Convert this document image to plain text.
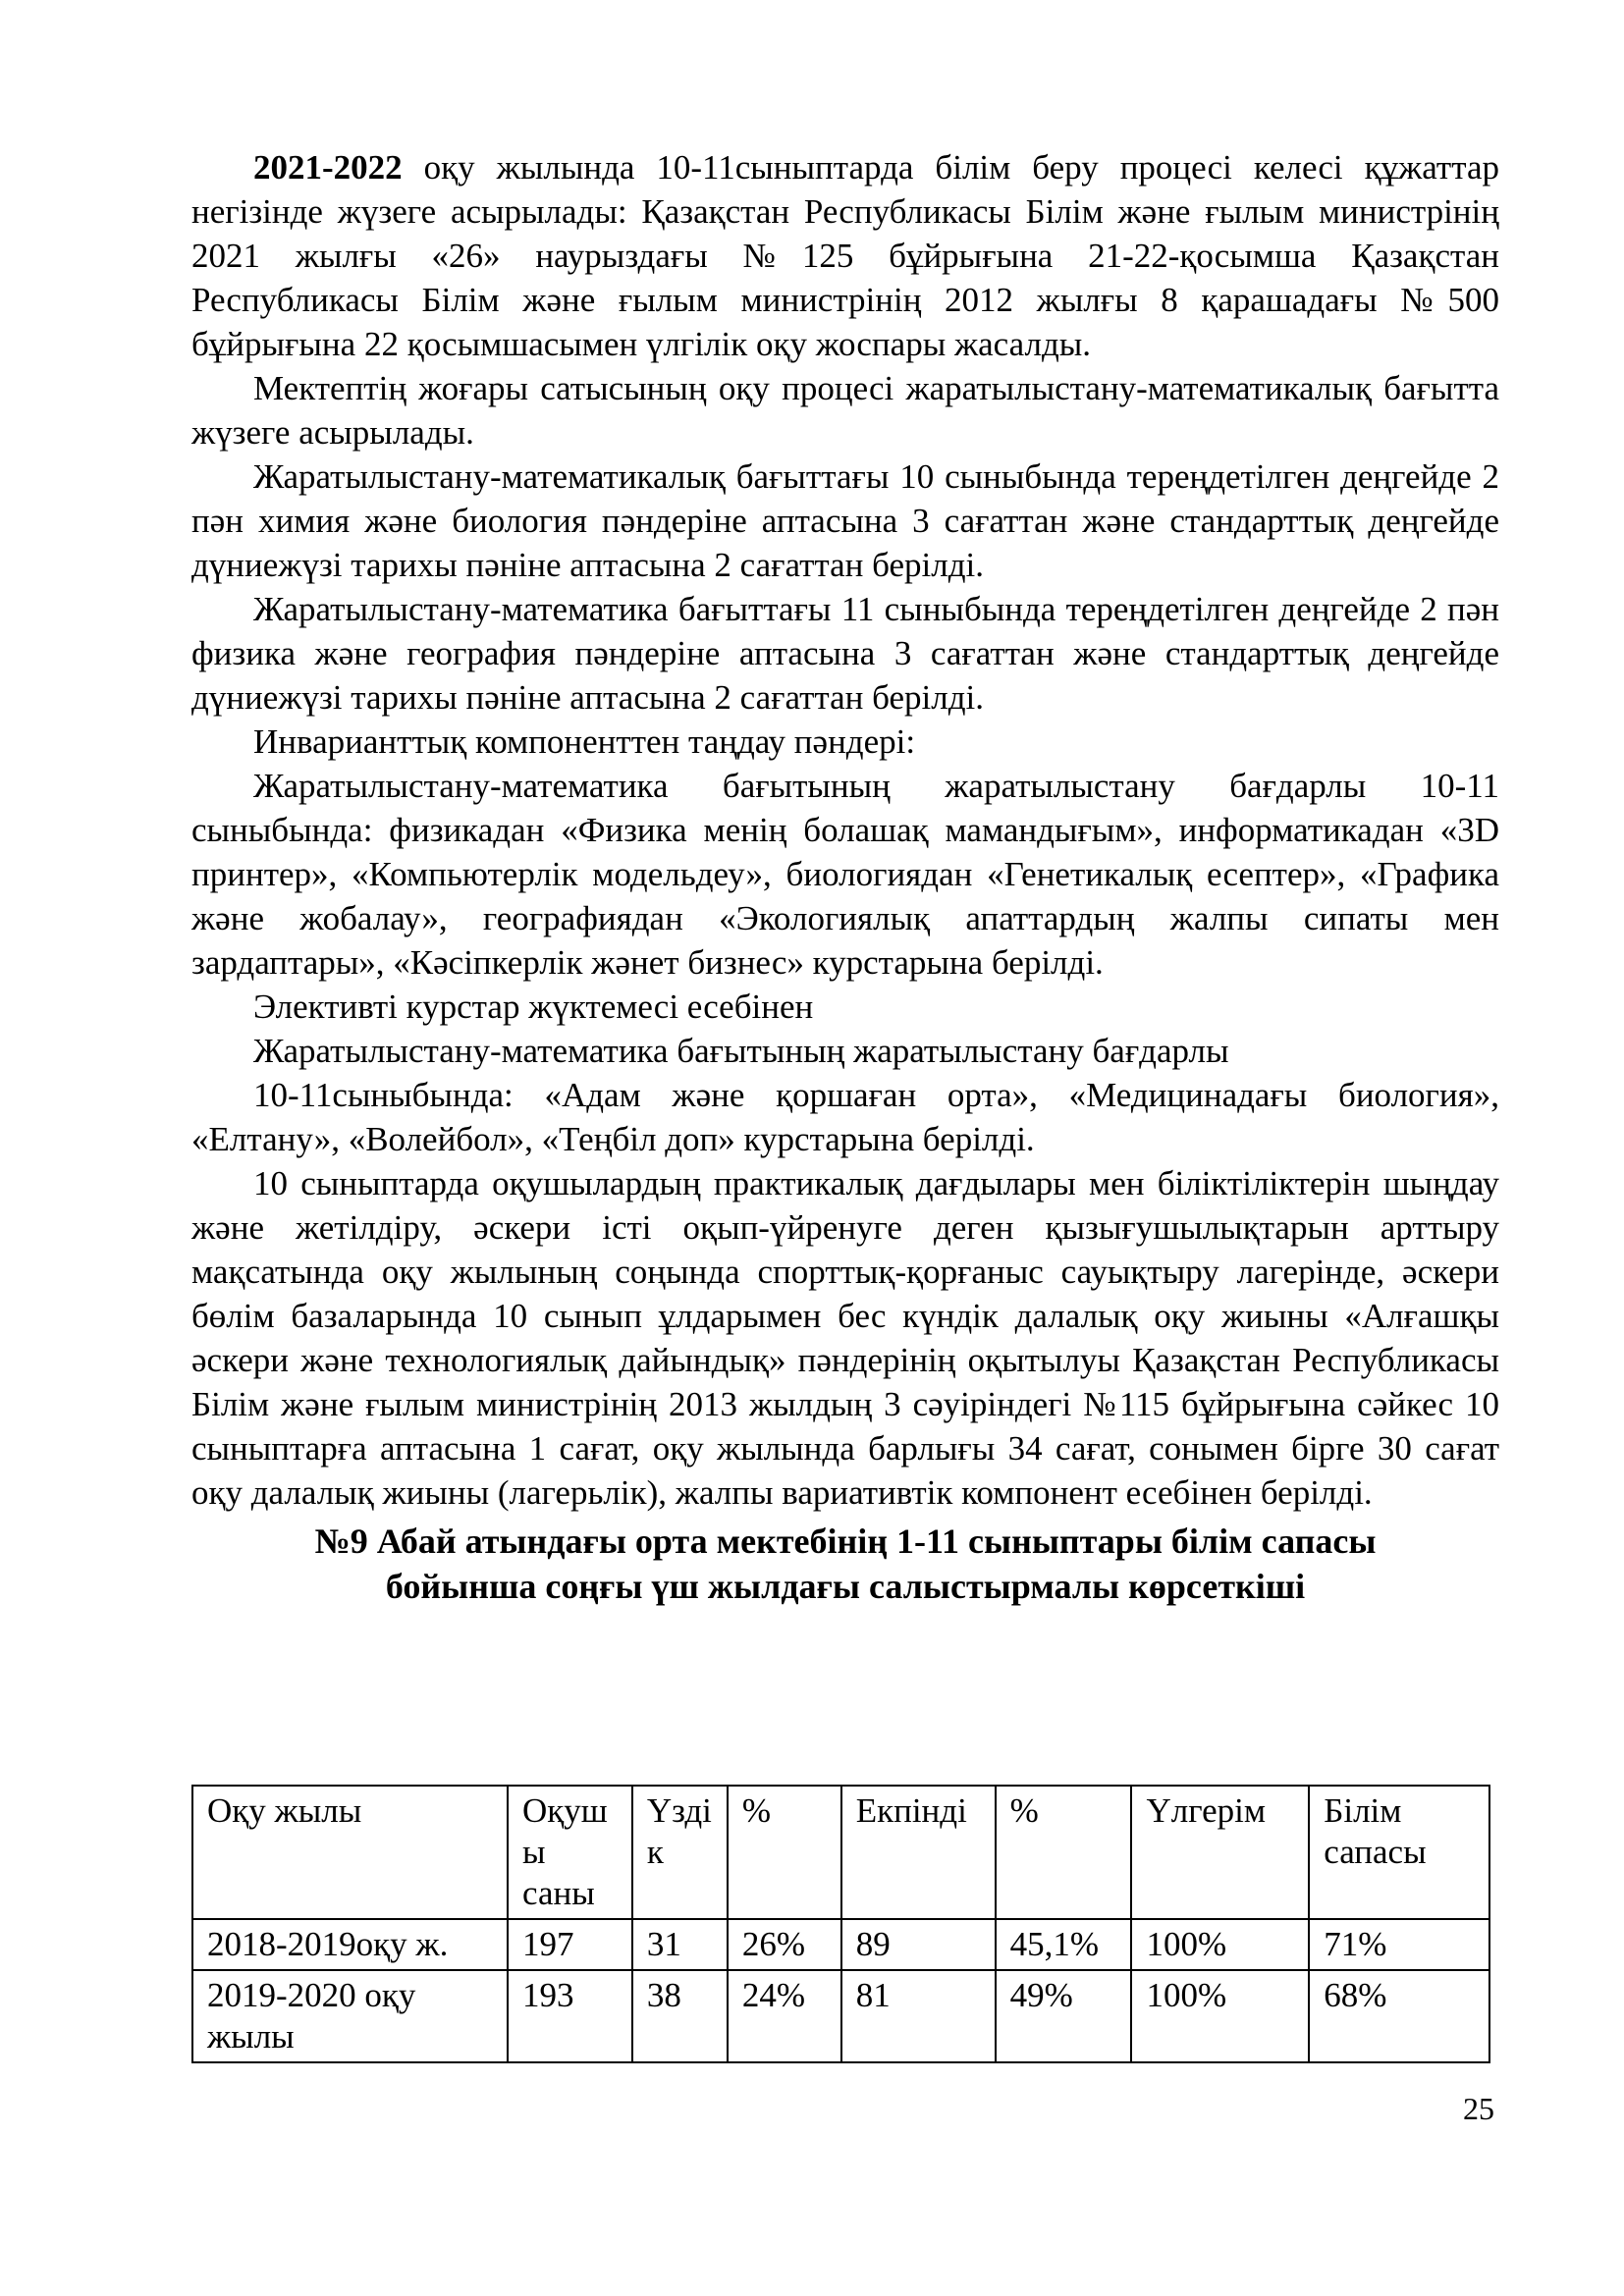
2021-2022 оқу жылында 10-11сыныптарда білім беру процесі келесі құжаттар негізінде жүзеге асырылады: Қазақстан Республикасы Білім және ғылым министрінің 2021 жылғы «26» наурыздағы №125 бұйрығына 21-22-қосымша Қазақстан Республикасы Білім және ғылым министрінің 2012 жылғы 8 қарашадағы №500 бұйрығына 22 қосымшасымен үлгілік оқу жоспары жасалды.

Мектептің жоғары сатысының оқу процесі жаратылыстану-математикалық бағытта жүзеге асырылады.

Жаратылыстану-математикалық бағыттағы 10 сыныбында тереңдетілген деңгейде 2 пән химия және биология пәндеріне аптасына 3 сағаттан және стандарттық деңгейде дүниежүзі тарихы пәніне аптасына 2 сағаттан берілді.

Жаратылыстану-математика бағыттағы 11 сыныбында тереңдетілген деңгейде 2 пән физика және география пәндеріне аптасына 3 сағаттан және стандарттық деңгейде дүниежүзі тарихы пәніне аптасына 2 сағаттан берілді.

Инварианттық компоненттен таңдау пәндері:

Жаратылыстану-математика бағытының жаратылыстану бағдарлы 10-11 сыныбында: физикадан «Физика менің болашақ мамандығым», информатикадан «3D принтер», «Компьютерлік модельдеу», биологиядан «Генетикалық есептер», «Графика және жобалау», географиядан «Экологиялық апаттардың жалпы сипаты мен зардаптары», «Кәсіпкерлік жәнет бизнес» курстарына берілді.

Элективті курстар жүктемесі есебінен

Жаратылыстану-математика бағытының жаратылыстану бағдарлы

10-11сыныбында: «Адам және қоршаған орта», «Медицинадағы биология», «Елтану», «Волейбол», «Теңбіл доп» курстарына берілді.

10 сыныптарда оқушылардың практикалық дағдылары мен біліктіліктерін шыңдау және жетілдіру, әскери істі оқып-үйренуге деген қызығушылықтарын арттыру мақсатында оқу жылының соңында спорттық-қорғаныс сауықтыру лагерінде, әскери бөлім базаларында 10 сынып ұлдарымен бес күндік далалық оқу жиыны «Алғашқы әскери және технологиялық дайындық» пәндерінің оқытылуы Қазақстан Республикасы Білім және ғылым министрінің 2013 жылдың 3 сәуіріндегі №115 бұйрығына сәйкес 10 сыныптарға аптасына 1 сағат, оқу жылында барлығы 34 сағат, сонымен бірге 30 сағат оқу далалық жиыны (лагерьлік), жалпы вариативтік компонент есебінен берілді.

№9 Абай атындағы орта мектебінің 1-11 сыныптары білім сапасы

бойынша соңғы үш жылдағы салыстырмалы көрсеткіші

Оқу жылы	Оқуш ы саны	Үзді к	%	Екпінді	%	Үлгерім	Білім сапасы
2018-2019оқу ж.	197	31	26%	89	45,1%	100%	71%
2019-2020 оқу жылы	193	38	24%	81	49%	100%	68%
25
